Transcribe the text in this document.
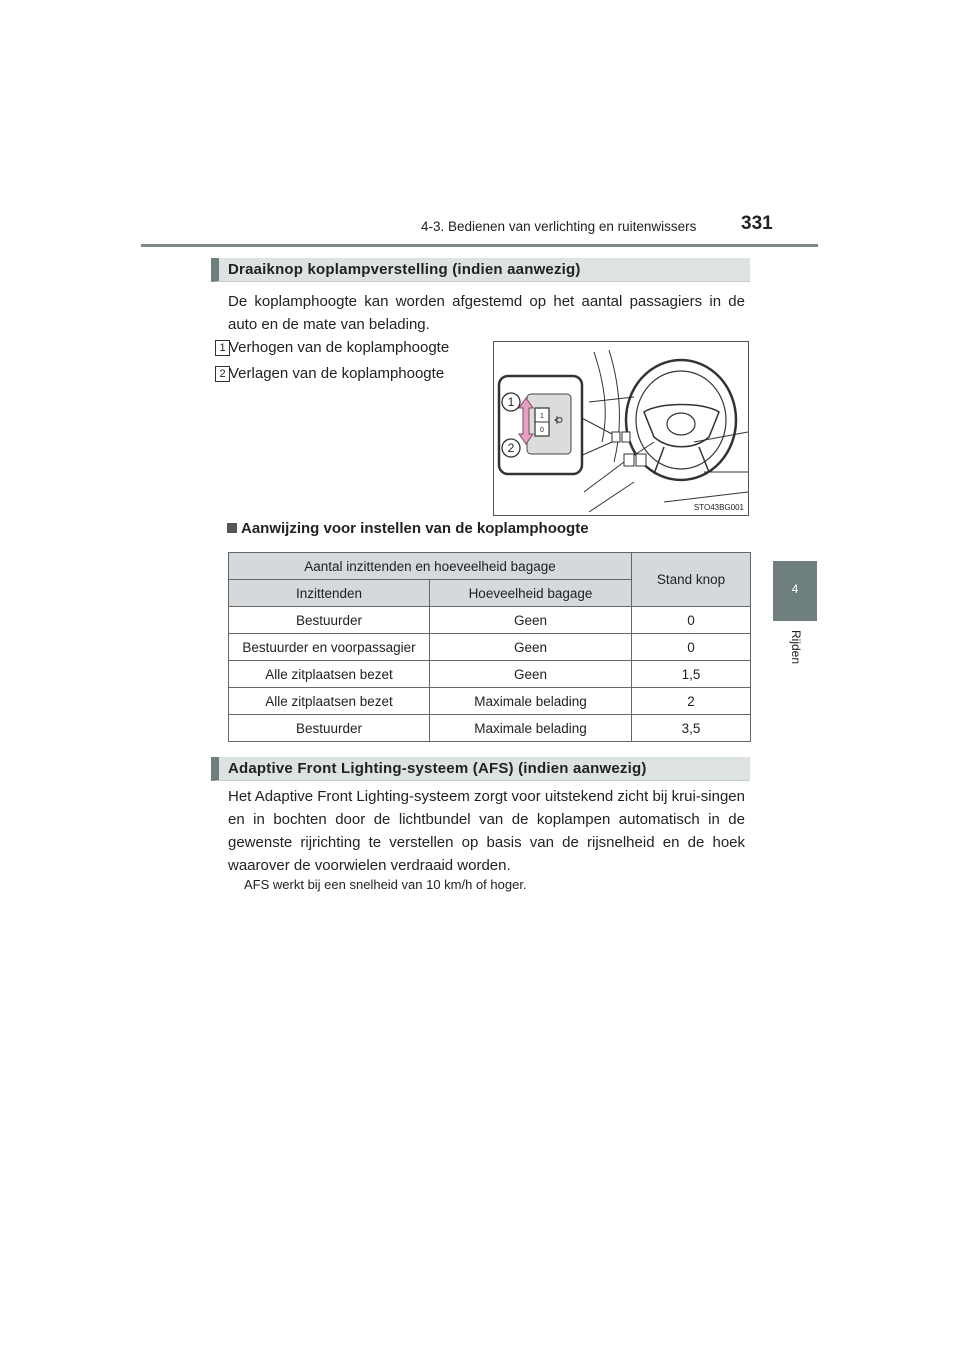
4-3. Bedienen van verlichting en ruitenwissers 331
4
Rijden
Draaiknop koplampverstelling (indien aanwezig)
De koplamphoogte kan worden afgestemd op het aantal passagiers in de auto en de mate van belading.
1 Verhogen van de koplamphoogte
2 Verlagen van de koplamphoogte
1
2
1
0
STO43BG001
Aanwijzing voor instellen van de koplamphoogte
Aantal inzittenden en hoeveelheid bagage		Stand knop
Inzittenden	Hoeveelheid bagage	
Bestuurder	Geen	0
Bestuurder en voorpassagier	Geen	0
Alle zitplaatsen bezet	Geen	1,5
Alle zitplaatsen bezet	Maximale belading	2
Bestuurder	Maximale belading	3,5
Adaptive Front Lighting-systeem (AFS) (indien aanwezig)
Het Adaptive Front Lighting-systeem zorgt voor uitstekend zicht bij krui-singen en in bochten door de lichtbundel van de koplampen automatisch in de gewenste rijrichting te verstellen op basis van de rijsnelheid en de hoek waarover de voorwielen verdraaid worden.
AFS werkt bij een snelheid van 10 km/h of hoger.
